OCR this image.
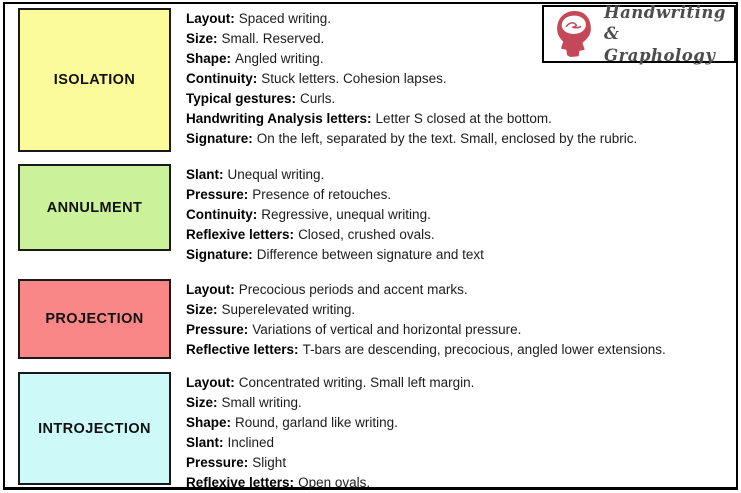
ISOLATION
Layout: Spaced writing.
Size: Small. Reserved.
Shape: Angled writing.
Continuity: Stuck letters. Cohesion lapses.
Typical gestures: Curls.
Handwriting Analysis letters: Letter S closed at the bottom.
Signature: On the left, separated by the text. Small, enclosed by the rubric.
ANNULMENT
Slant: Unequal writing.
Pressure: Presence of retouches.
Continuity: Regressive, unequal writing.
Reflexive letters: Closed, crushed ovals.
Signature: Difference between signature and text
PROJECTION
Layout: Precocious periods and accent marks.
Size: Superelevated writing.
Pressure: Variations of vertical and horizontal pressure.
Reflective letters: T-bars are descending, precocious, angled lower extensions.
INTROJECTION
Layout: Concentrated writing. Small left margin.
Size: Small writing.
Shape: Round, garland like writing.
Slant: Inclined
Pressure: Slight
Reflexive letters: Open ovals.
Handwriting
& Graphology
